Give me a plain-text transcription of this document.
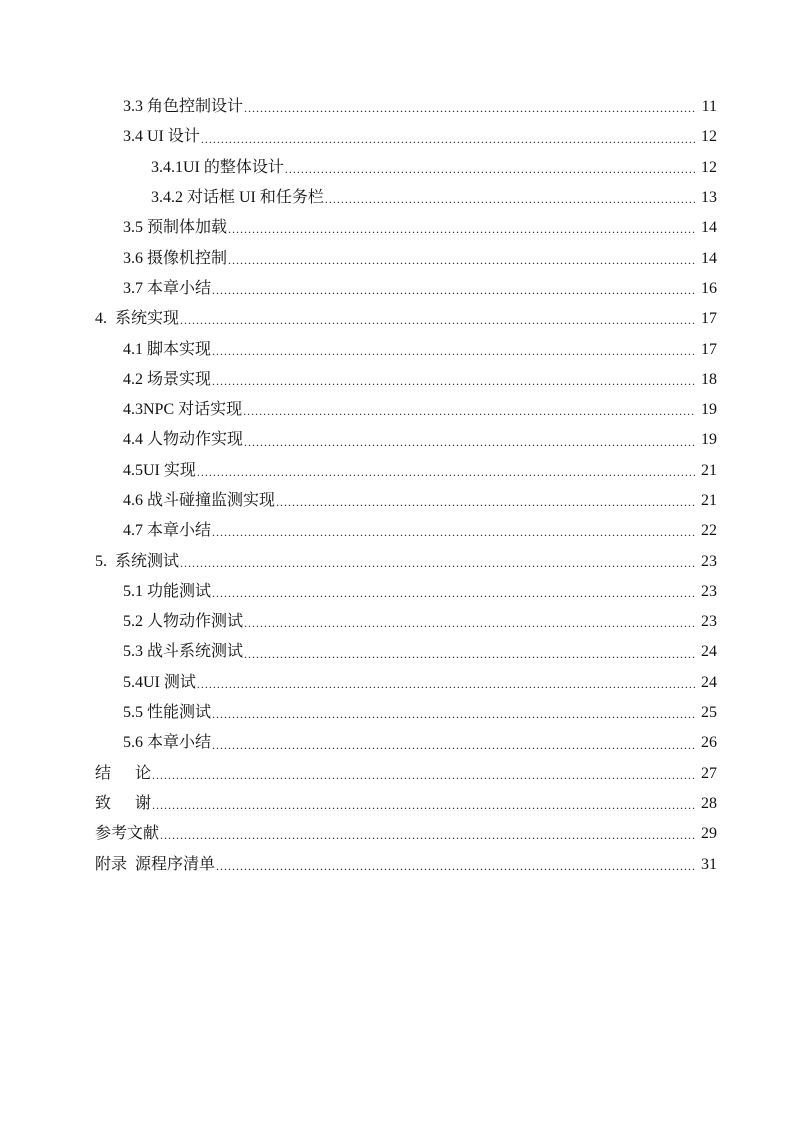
3.3 角色控制设计 .....	11
3.4 UI 设计 .....	12
3.4.1UI 的整体设计 .....	12
3.4.2 对话框 UI 和任务栏 .....	13
3.5 预制体加载 .....	14
3.6 摄像机控制 .....	14
3.7 本章小结 .....	16
4.  系统实现 .....	17
4.1 脚本实现 .....	17
4.2 场景实现 .....	18
4.3NPC 对话实现 .....	19
4.4 人物动作实现 .....	19
4.5UI 实现 .....	21
4.6 战斗碰撞监测实现 .....	21
4.7 本章小结 .....	22
5.  系统测试 .....	23
5.1 功能测试 .....	23
5.2 人物动作测试 .....	23
5.3 战斗系统测试 .....	24
5.4UI 测试 .....	24
5.5 性能测试 .....	25
5.6 本章小结 .....	26
结      论 .....	27
致      谢 .....	28
参考文献 .....	29
附录  源程序清单 .....	31
